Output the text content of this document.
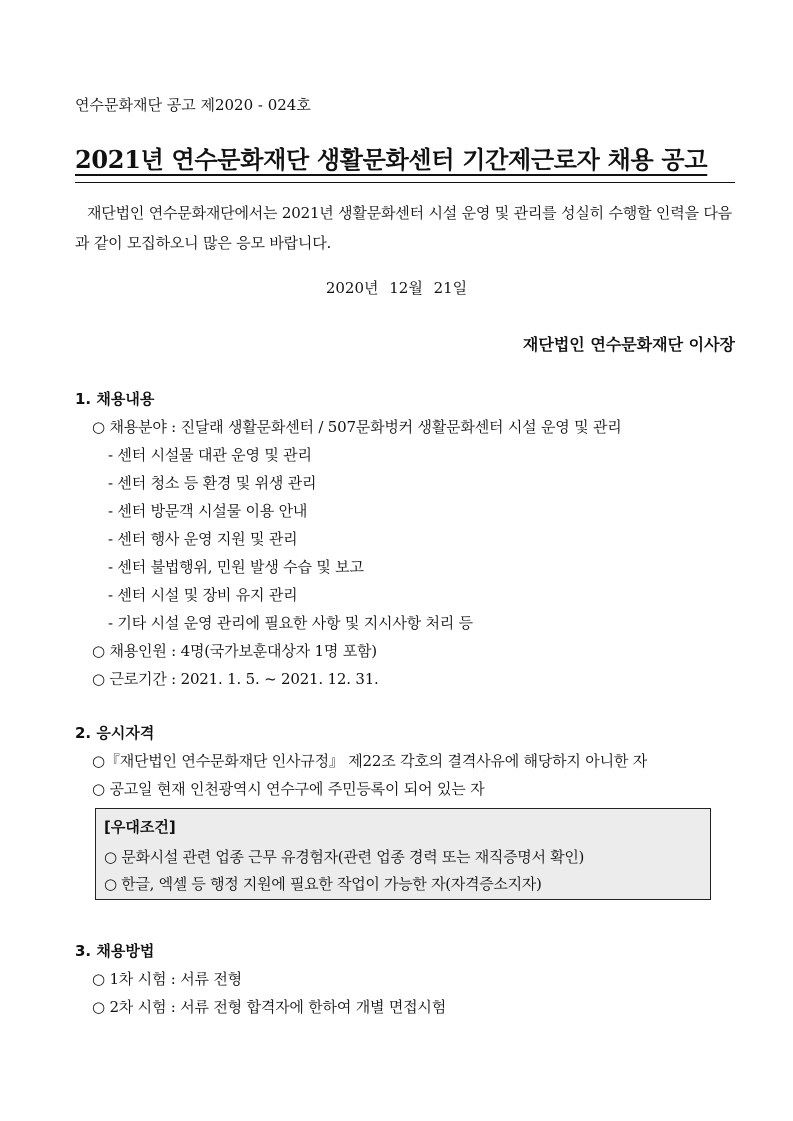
연수문화재단 공고 제2020 - 024호
2021년 연수문화재단 생활문화센터 기간제근로자 채용 공고
재단법인 연수문화재단에서는 2021년 생활문화센터 시설 운영 및 관리를 성실히 수행할 인력을 다음과 같이 모집하오니 많은 응모 바랍니다.
2020년 12월 21일
재단법인 연수문화재단 이사장
1. 채용내용
○ 채용분야 : 진달래 생활문화센터 / 507문화벙커 생활문화센터 시설 운영 및 관리
- 센터 시설물 대관 운영 및 관리
- 센터 청소 등 환경 및 위생 관리
- 센터 방문객 시설물 이용 안내
- 센터 행사 운영 지원 및 관리
- 센터 불법행위, 민원 발생 수습 및 보고
- 센터 시설 및 장비 유지 관리
- 기타 시설 운영 관리에 필요한 사항 및 지시사항 처리 등
○ 채용인원 : 4명(국가보훈대상자 1명 포함)
○ 근로기간 : 2021. 1. 5. ~ 2021. 12. 31.
2. 응시자격
○『재단법인 연수문화재단 인사규정』 제22조 각호의 결격사유에 해당하지 아니한 자
○ 공고일 현재 인천광역시 연수구에 주민등록이 되어 있는 자
[우대조건]
○ 문화시설 관련 업종 근무 유경험자(관련 업종 경력 또는 재직증명서 확인)
○ 한글, 엑셀 등 행정 지원에 필요한 작업이 가능한 자(자격증소지자)
3. 채용방법
○ 1차 시험 : 서류 전형
○ 2차 시험 : 서류 전형 합격자에 한하여 개별 면접시험
